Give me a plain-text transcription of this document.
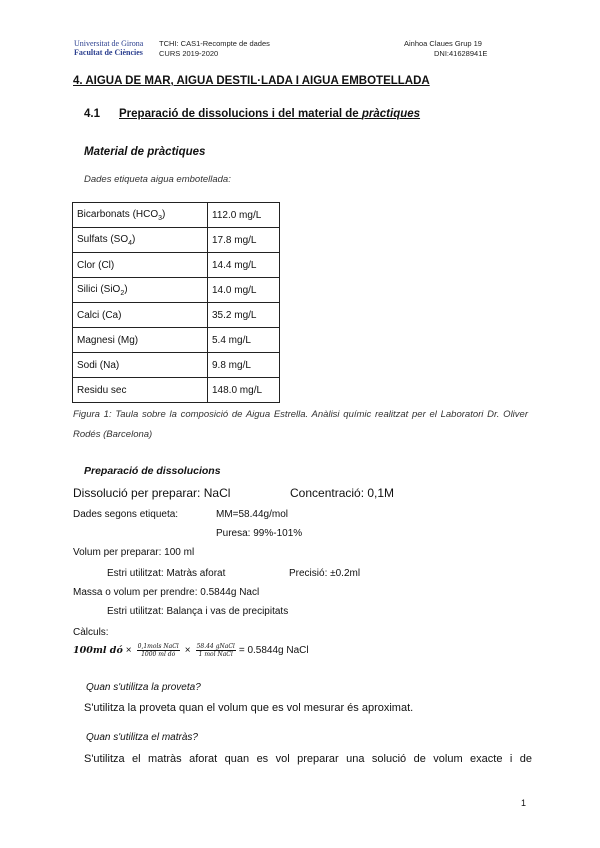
Universitat de Girona
Facultat de Ciències
TCHI: CAS1-Recompte de dades
CURS 2019-2020
Ainhoa Claues Grup 19
DNI:41628941E
4. AIGUA DE MAR, AIGUA DESTIL·LADA I AIGUA EMBOTELLADA
4.1 Preparació de dissolucions i del material de pràctiques
Material de pràctiques
Dades etiqueta aigua embotellada:
Bicarbonats $(HCO_3)$	112.0 mg/L
Sulfats $(SO_4)$	17.8 mg/L
Clor (Cl)	14.4 mg/L
Silici (SiO$_2$)	14.0 mg/L
Calci (Ca)	35.2 mg/L
Magnesi (Mg)	5.4 mg/L
Sodi (Na)	9.8 mg/L
Residu sec	148.0 mg/L
Figura 1: Taula sobre la composició de Aigua Estrella. Anàlisi químic realitzat per el Laboratori Dr. Oliver Rodés (Barcelona)
Preparació de dissolucions
Dissolució per preparar: NaCl	Concentració: 0,1M
Dades segons etiqueta:	MM=58.44g/mol
Puresa: 99%-101%
Volum per preparar: 100 ml
Estri utilitzat: Matràs aforat	Precisió: ±0.2ml
Massa o volum per prendre: 0.5844g Nacl
Estri utilitzat: Balança i vas de precipitats
Càlculs:
100ml dó × $\frac{\text{0,1mols NaCl}}{\text{1000 ml dó}} \times \frac{\text{58.44 gNaCl}}{\text{1 mol NaCl}} = 0.5844g$ NaCl
Quan s'utilitza la proveta?
S'utilitza la proveta quan el volum que es vol mesurar és aproximat.
Quan s'utilitza el matràs?
S'utilitza el matràs aforat quan es vol preparar una solució de volum exacte i de
1
